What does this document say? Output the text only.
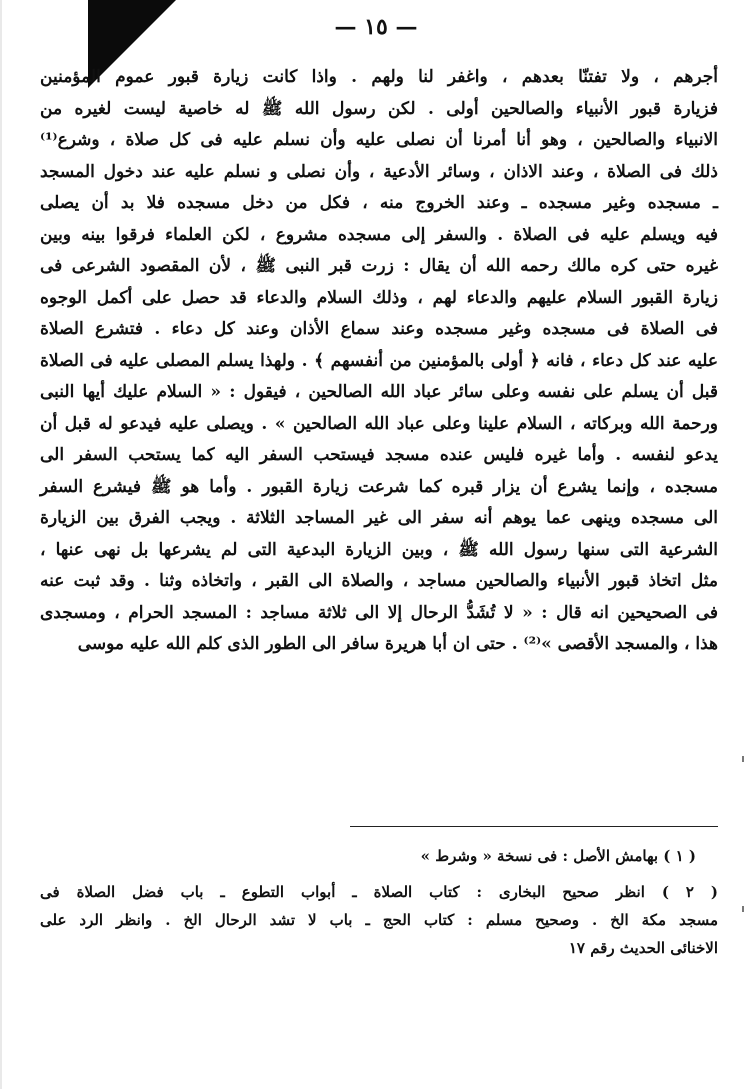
— ١٥ —

أجرهم ، ولا تفتنّا بعدهم ، واغفر لنا ولهم . واذا كانت زيارة قبور عموم المؤمنين

فزيارة قبور الأنبياء والصالحين أولى . لكن رسول الله ﷺ له خاصية ليست لغيره من

الانبياء والصالحين ، وهو أنا أمرنا أن نصلى عليه وأن نسلم عليه فى كل صلاة ، وشرع⁽¹⁾

ذلك فى الصلاة ، وعند الاذان ، وسائر الأدعية ، وأن نصلى و نسلم عليه عند دخول المسجد

ـ مسجده وغير مسجده ـ وعند الخروج منه ، فكل من دخل مسجده فلا بد أن يصلى

فيه ويسلم عليه فى الصلاة . والسفر إلى مسجده مشروع ، لكن العلماء فرقوا بينه وبين

غيره حتى كره مالك رحمه الله أن يقال : زرت قبر النبى ﷺ ، لأن المقصود الشرعى فى

زيارة القبور السلام عليهم والدعاء لهم ، وذلك السلام والدعاء قد حصل على أكمل الوجوه

فى الصلاة فى مسجده وغير مسجده وعند سماع الأذان وعند كل دعاء . فتشرع الصلاة

عليه عند كل دعاء ، فانه ﴿ أولى بالمؤمنين من أنفسهم ﴾ . ولهذا يسلم المصلى عليه فى الصلاة

قبل أن يسلم على نفسه وعلى سائر عباد الله الصالحين ، فيقول : « السلام عليك أيها النبى

ورحمة الله وبركاته ، السلام علينا وعلى عباد الله الصالحين » . ويصلى عليه فيدعو له قبل أن

يدعو لنفسه . وأما غيره فليس عنده مسجد فيستحب السفر اليه كما يستحب السفر الى

مسجده ، وإنما يشرع أن يزار قبره كما شرعت زيارة القبور . وأما هو ﷺ فيشرع السفر

الى مسجده وينهى عما يوهم أنه سفر الى غير المساجد الثلاثة . ويجب الفرق بين الزيارة

الشرعية التى سنها رسول الله ﷺ ، وبين الزيارة البدعية التى لم يشرعها بل نهى عنها ،

مثل اتخاذ قبور الأنبياء والصالحين مساجد ، والصلاة الى القبر ، واتخاذه وثنا . وقد ثبت عنه

فى الصحيحين انه قال : « لا تُشَدُّ الرحال إلا الى ثلاثة مساجد : المسجد الحرام ، ومسجدى

هذا ، والمسجد الأقصى »⁽²⁾ . حتى ان أبا هريرة سافر الى الطور الذى كلم الله عليه موسى

( ١ ) بهامش الأصل : فى نسخة « وشرط »

( ٢ ) انظر صحيح البخارى : كتاب الصلاة ـ أبواب التطوع ـ باب فضل الصلاة فى
مسجد مكة الخ . وصحيح مسلم : كتاب الحج ـ باب لا تشد الرحال الخ . وانظر الرد على
الاخنائى الحديث رقم ١٧
